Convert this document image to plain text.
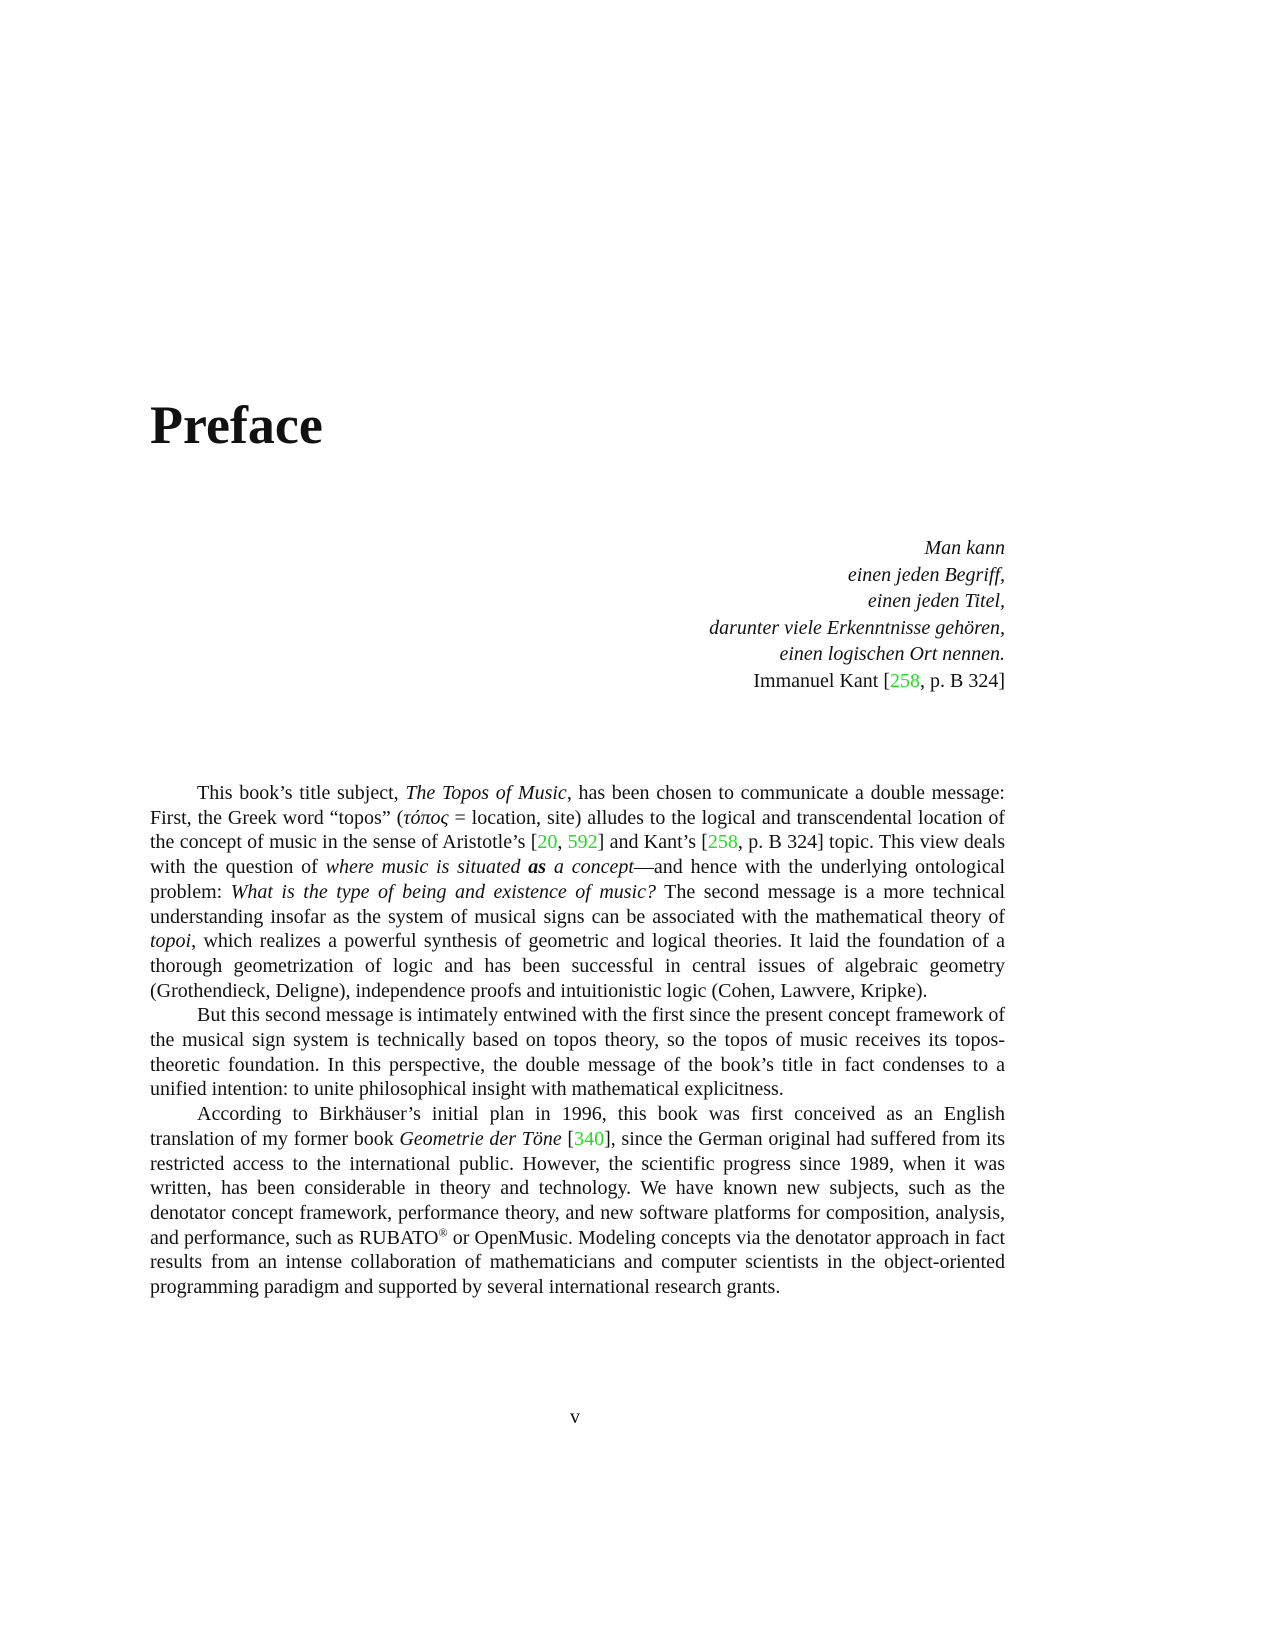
Preface
Man kann
einen jeden Begriff,
einen jeden Titel,
darunter viele Erkenntnisse gehören,
einen logischen Ort nennen.
Immanuel Kant [258, p. B 324]

This book’s title subject, The Topos of Music, has been chosen to communicate a double message: First, the Greek word “topos” (τόπος = location, site) alludes to the logical and transcendental location of the concept of music in the sense of Aristotle’s [20, 592] and Kant’s [258, p. B 324] topic. This view deals with the question of where music is situated as a concept—and hence with the underlying ontological problem: What is the type of being and existence of music? The second message is a more technical understanding insofar as the system of musical signs can be associated with the mathematical theory of topoi, which realizes a powerful synthesis of geometric and logical theories. It laid the foundation of a thorough geometrization of logic and has been successful in central issues of algebraic geometry (Grothendieck, Deligne), independence proofs and intuitionistic logic (Cohen, Lawvere, Kripke).

But this second message is intimately entwined with the first since the present concept framework of the musical sign system is technically based on topos theory, so the topos of music receives its topos-theoretic foundation. In this perspective, the double message of the book’s title in fact condenses to a unified intention: to unite philosophical insight with mathematical explicitness.

According to Birkhäuser’s initial plan in 1996, this book was first conceived as an English translation of my former book Geometrie der Töne [340], since the German original had suffered from its restricted access to the international public. However, the scientific progress since 1989, when it was written, has been considerable in theory and technology. We have known new subjects, such as the denotator concept framework, performance theory, and new software platforms for composition, analysis, and performance, such as RUBATO® or OpenMusic. Modeling concepts via the denotator approach in fact results from an intense collaboration of mathematicians and computer scientists in the object-oriented programming paradigm and supported by several international research grants.

v
